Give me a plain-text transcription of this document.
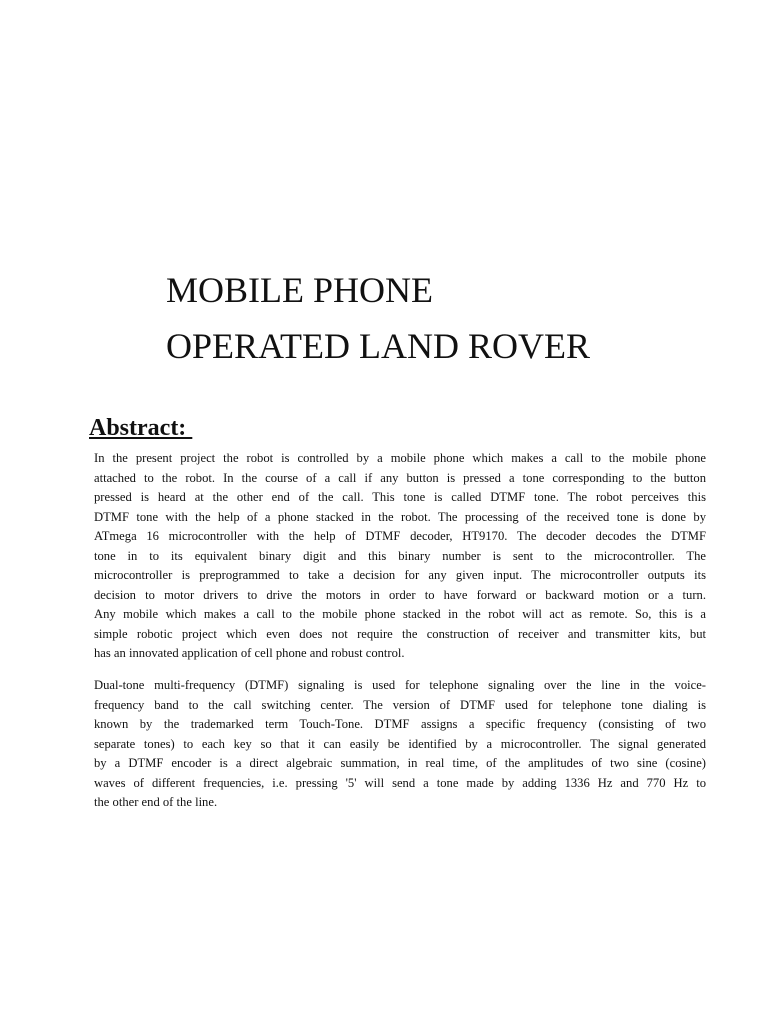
MOBILE PHONE
OPERATED LAND ROVER
Abstract:
In the present project the robot is controlled by a mobile phone which makes a call to the mobile phone
attached to the robot. In the course of a call if any button is pressed a tone corresponding to the button
pressed is heard at the other end of the call. This tone is called DTMF tone. The robot perceives this
DTMF tone with the help of a phone stacked in the robot. The processing of the received tone is done by
ATmega 16 microcontroller with the help of DTMF decoder, HT9170. The decoder decodes the DTMF
tone in to its equivalent binary digit and this binary number is sent to the microcontroller. The
microcontroller is preprogrammed to take a decision for any given input. The microcontroller outputs its
decision to motor drivers to drive the motors in order to have forward or backward motion or a turn.
Any mobile which makes a call to the mobile phone stacked in the robot will act as remote. So, this is a
simple robotic project which even does not require the construction of receiver and transmitter kits, but
has an innovated application of cell phone and robust control.
Dual-tone multi-frequency (DTMF) signaling is used for telephone signaling over the line in the voice-
frequency band to the call switching center. The version of DTMF used for telephone tone dialing is
known by the trademarked term Touch-Tone. DTMF assigns a specific frequency (consisting of two
separate tones) to each key so that it can easily be identified by a microcontroller. The signal generated
by a DTMF encoder is a direct algebraic summation, in real time, of the amplitudes of two sine (cosine)
waves of different frequencies, i.e. pressing '5' will send a tone made by adding 1336 Hz and 770 Hz to
the other end of the line.
